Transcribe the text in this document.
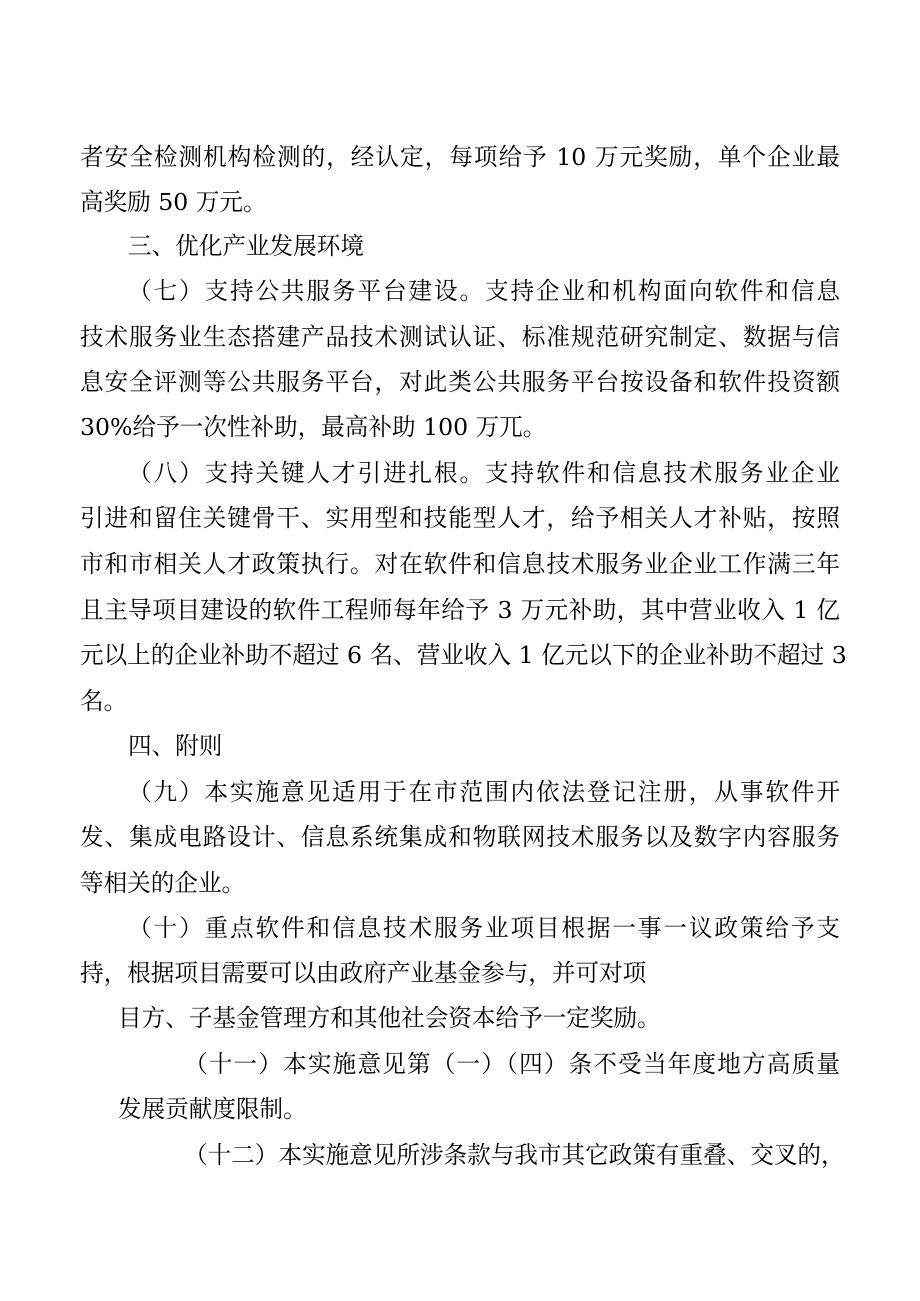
者安全检测机构检测的，经认定，每项给予 10 万元奖励，单个企业最
高奖励 50 万元。
三、优化产业发展环境
（七）支持公共服务平台建设。支持企业和机构面向软件和信息
技术服务业生态搭建产品技术测试认证、标准规范研究制定、数据与信
息安全评测等公共服务平台，对此类公共服务平台按设备和软件投资额
30%给予一次性补助，最高补助 100 万兀。
（八）支持关键人才引进扎根。支持软件和信息技术服务业企业
引进和留住关键骨干、实用型和技能型人才，给予相关人才补贴，按照
市和市相关人才政策执行。对在软件和信息技术服务业企业工作满三年
且主导项目建设的软件工程师每年给予 3 万元补助，其中营业收入 1 亿
元以上的企业补助不超过 6 名、营业收入 1 亿元以下的企业补助不超过 3
名。
四、附则
（九）本实施意见适用于在市范围内依法登记注册，从事软件开
发、集成电路设计、信息系统集成和物联网技术服务以及数字内容服务
等相关的企业。
（十）重点软件和信息技术服务业项目根据一事一议政策给予支
持，根据项目需要可以由政府产业基金参与，并可对项
目方、子基金管理方和其他社会资本给予一定奖励。
（十一）本实施意见第（一）（四）条不受当年度地方高质量
发展贡献度限制。
（十二）本实施意见所涉条款与我市其它政策有重叠、交叉的，
